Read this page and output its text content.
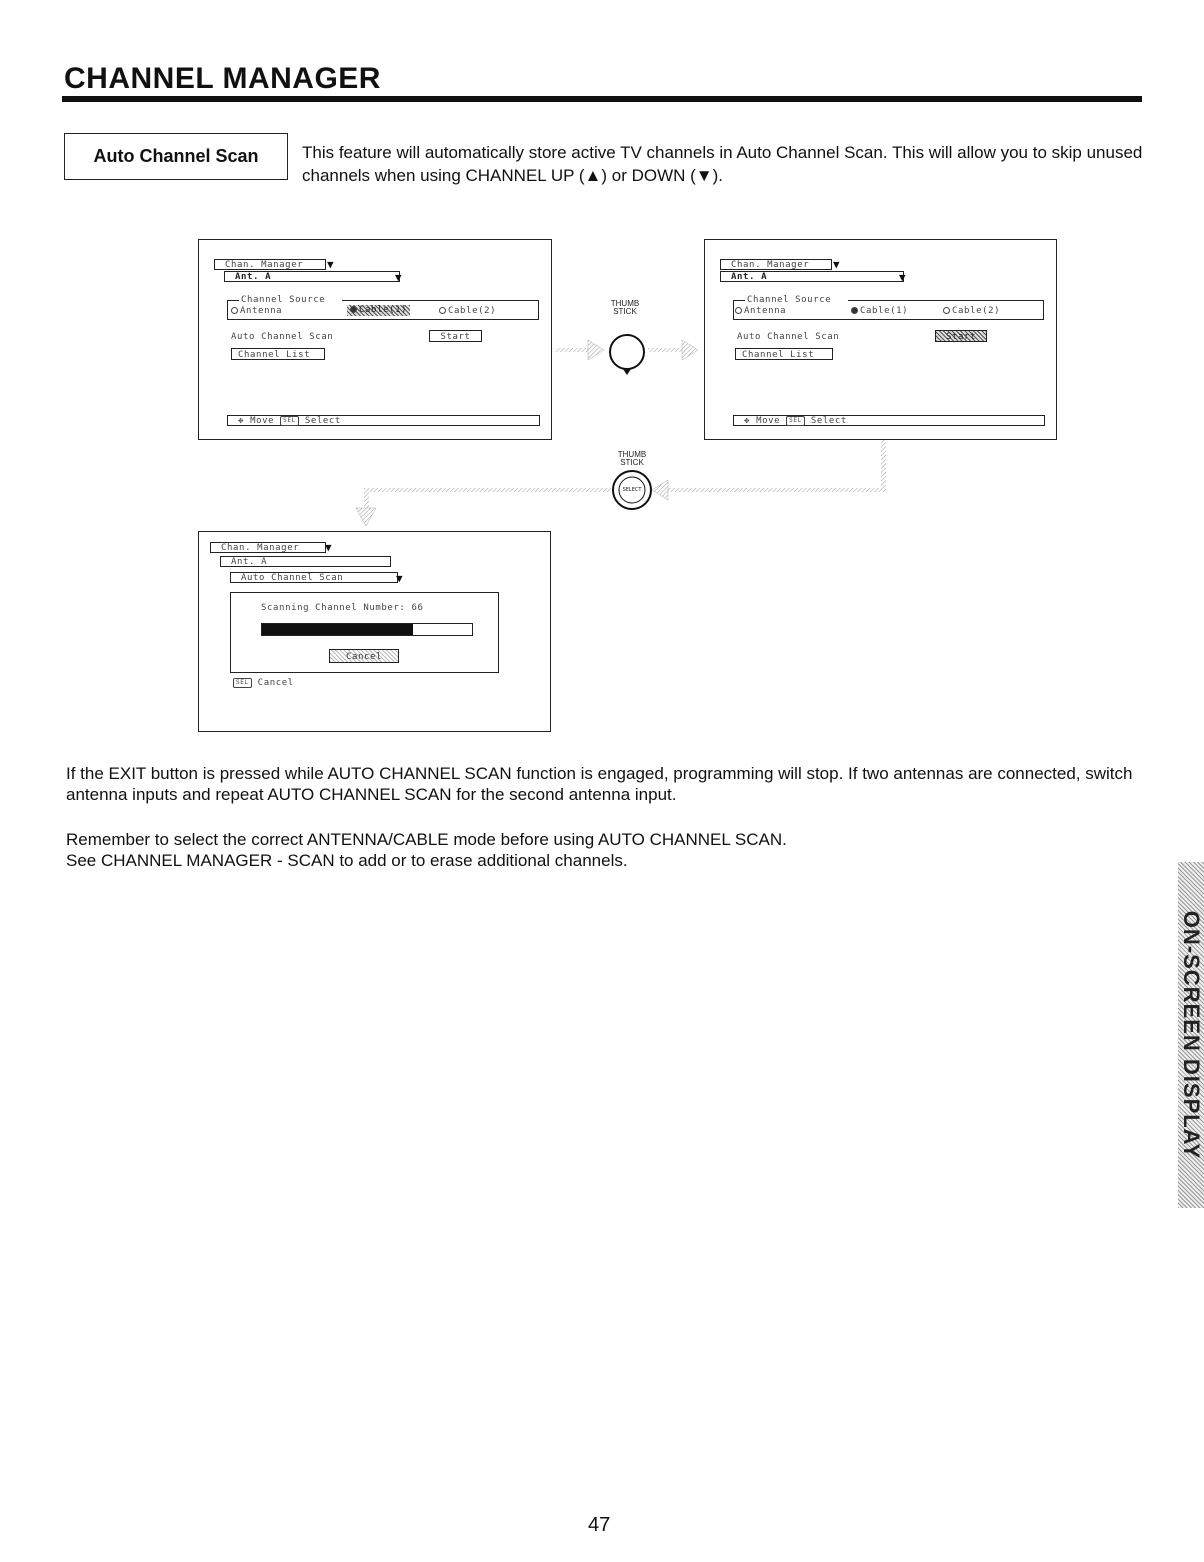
CHANNEL MANAGER
Auto Channel Scan	This feature will automatically store active TV channels in Auto Channel Scan. This will allow you to skip unused channels when using CHANNEL UP (▲) or DOWN (▼).
Chan. Manager	▼
Ant. A	▼
Channel Source
Antenna	Cable(1)	Cable(2)
Auto Channel Scan	Start
Channel List
✥ Move SEL Select
Chan. Manager	▼
Ant. A	▼
Channel Source
Antenna	Cable(1)	Cable(2)
Auto Channel Scan	Start
Channel List
✥ Move SEL Select
Chan. Manager	▼
Ant. A
Auto Channel Scan	▼
Scanning Channel Number: 66
Cancel
SEL Cancel
THUMB
STICK
THUMB
STICK
SELECT
If the EXIT button is pressed while AUTO CHANNEL SCAN function is engaged, programming will stop. If two antennas are connected, switch antenna inputs and repeat AUTO CHANNEL SCAN for the second antenna input.
Remember to select the correct ANTENNA/CABLE mode before using AUTO CHANNEL SCAN.
See CHANNEL MANAGER - SCAN to add or to erase additional channels.
ON-SCREEN DISPLAY
47
